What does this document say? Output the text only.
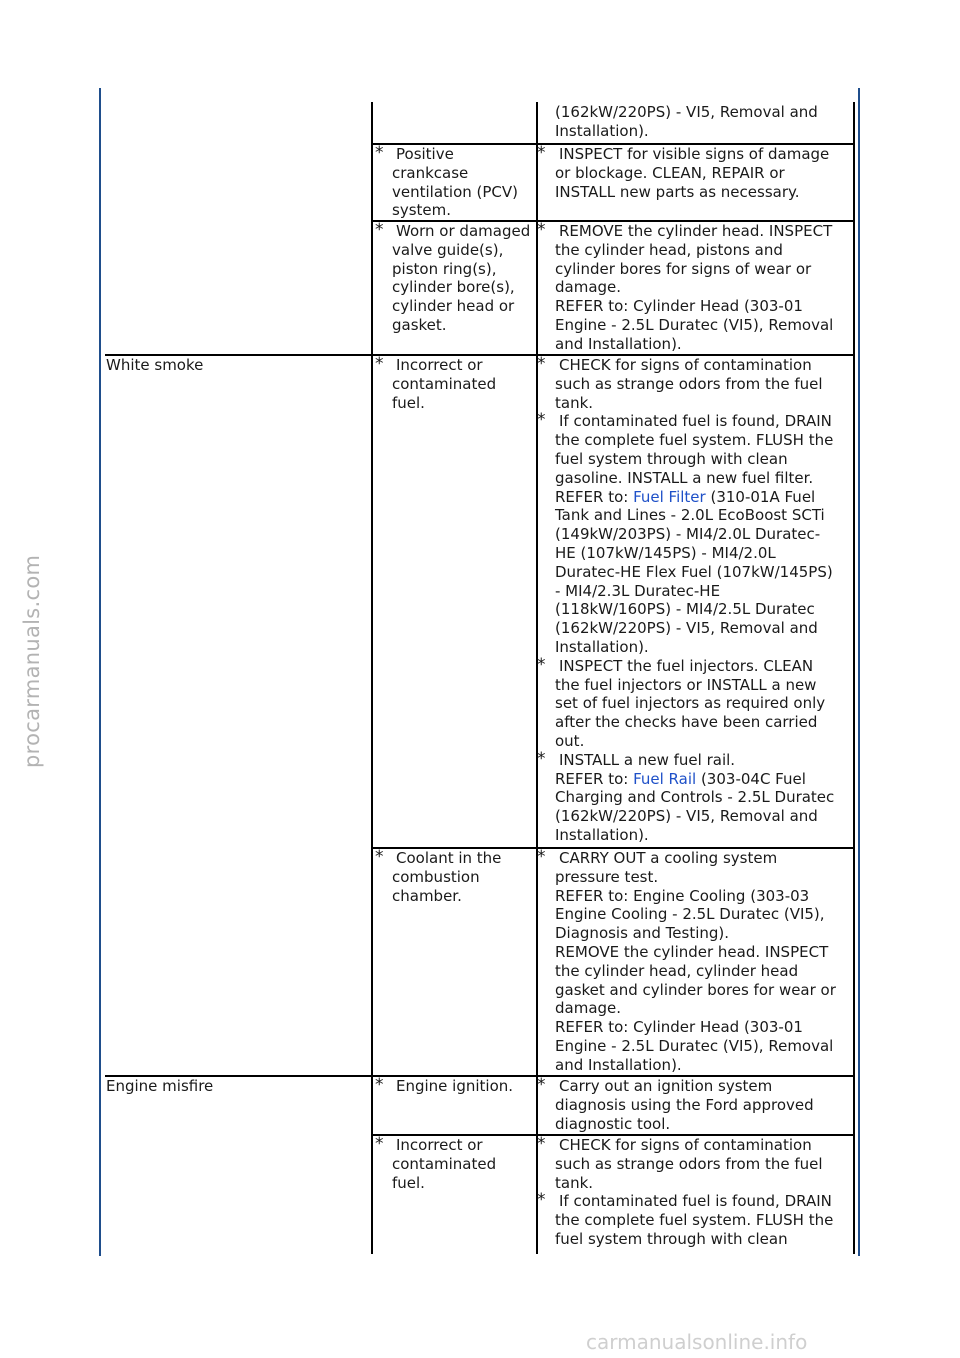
procarmanuals.com
carmanualsonline.info
(162kW/220PS) - VI5, Removal and
Installation).
* Positive
crankcase
ventilation (PCV)
system.
* INSPECT for visible signs of damage
or blockage. CLEAN, REPAIR or
INSTALL new parts as necessary.
* Worn or damaged
valve guide(s),
piston ring(s),
cylinder bore(s),
cylinder head or
gasket.
* REMOVE the cylinder head. INSPECT
the cylinder head, pistons and
cylinder bores for signs of wear or
damage.
REFER to: Cylinder Head (303-01
Engine - 2.5L Duratec (VI5), Removal
and Installation).
White smoke	* Incorrect or
contaminated
fuel.
* CHECK for signs of contamination
such as strange odors from the fuel
tank.
* If contaminated fuel is found, DRAIN
the complete fuel system. FLUSH the
fuel system through with clean
gasoline. INSTALL a new fuel filter.
REFER to: Fuel Filter (310-01A Fuel
Tank and Lines - 2.0L EcoBoost SCTi
(149kW/203PS) - MI4/2.0L Duratec-
HE (107kW/145PS) - MI4/2.0L
Duratec-HE Flex Fuel (107kW/145PS)
- MI4/2.3L Duratec-HE
(118kW/160PS) - MI4/2.5L Duratec
(162kW/220PS) - VI5, Removal and
Installation).
* INSPECT the fuel injectors. CLEAN
the fuel injectors or INSTALL a new
set of fuel injectors as required only
after the checks have been carried
out.
* INSTALL a new fuel rail.
REFER to: Fuel Rail (303-04C Fuel
Charging and Controls - 2.5L Duratec
(162kW/220PS) - VI5, Removal and
Installation).
* Coolant in the
combustion
chamber.
* CARRY OUT a cooling system
pressure test.
REFER to: Engine Cooling (303-03
Engine Cooling - 2.5L Duratec (VI5),
Diagnosis and Testing).
REMOVE the cylinder head. INSPECT
the cylinder head, cylinder head
gasket and cylinder bores for wear or
damage.
REFER to: Cylinder Head (303-01
Engine - 2.5L Duratec (VI5), Removal
and Installation).
Engine misfire	* Engine ignition. * Carry out an ignition system
diagnosis using the Ford approved
diagnostic tool.
* Incorrect or
contaminated
fuel.
* CHECK for signs of contamination
such as strange odors from the fuel
tank.
* If contaminated fuel is found, DRAIN
the complete fuel system. FLUSH the
fuel system through with clean
